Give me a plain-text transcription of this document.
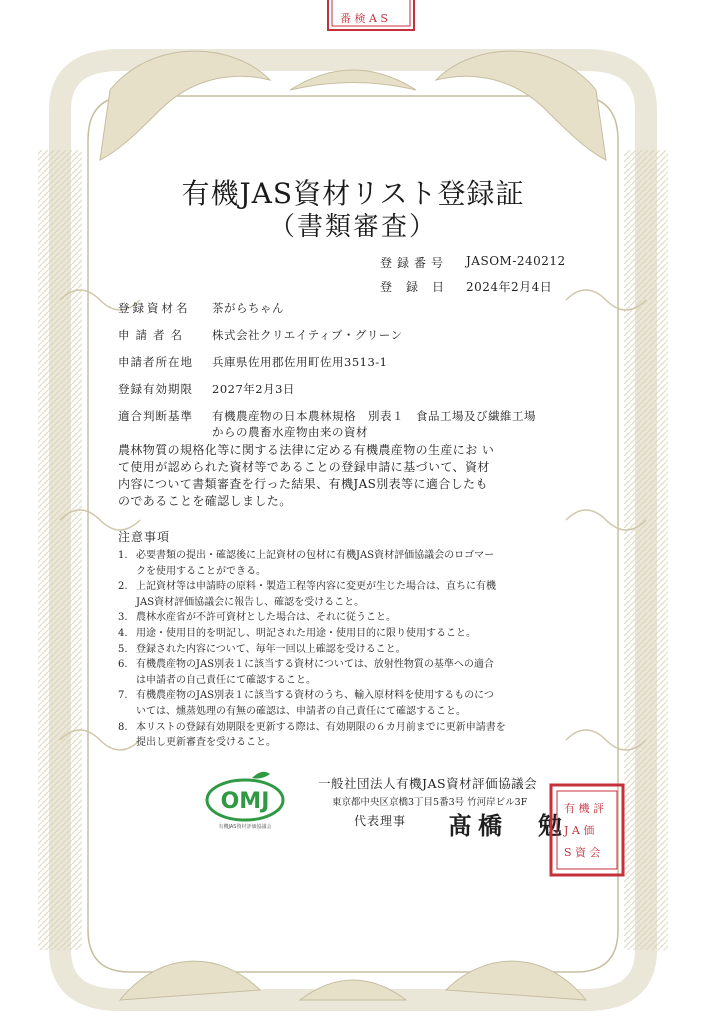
番 検 A S
有機JAS資材リスト登録証
（書類審査）
登録番号 JASOM-240212
登録日 2024年2月4日
登録資材名 茶がらちゃん
申請者名 株式会社クリエイティブ・グリーン
申請者所在地 兵庫県佐用郡佐用町佐用3513-1
登録有効期限 2027年2月3日
適合判断基準 有機農産物の日本農林規格　別表１　食品工場及び繊維工場
からの農畜水産物由来の資材
農林物質の規格化等に関する法律に定める有機農産物の生産にお い
て使用が認められた資材等であることの登録申請に基づいて、資材
内容について書類審査を行った結果、有機JAS別表等に適合したも
のであることを確認しました。
注意事項
1. 必要書類の提出・確認後に上記資材の包材に有機JAS資材評価協議会のロゴマー
クを使用することができる。
2. 上記資材等は申請時の原料・製造工程等内容に変更が生じた場合は、直ちに有機
JAS資材評価協議会に報告し、確認を受けること。
3. 農林水産省が不許可資材とした場合は、それに従うこと。
4. 用途・使用目的を明記し、明記された用途・使用目的に限り使用すること。
5. 登録された内容について、毎年一回以上確認を受けること。
6. 有機農産物のJAS別表１に該当する資材については、放射性物質の基準への適合
は申請者の自己責任にて確認すること。
7. 有機農産物のJAS別表１に該当する資材のうち、輸入原材料を使用するものにつ
いては、燻蒸処理の有無の確認は、申請者の自己責任にて確認すること。
8. 本リストの登録有効期限を更新する際は、有効期限の６カ月前までに更新申請書を
提出し更新審査を受けること。
OMJ
有機JAS資材評価協議会
一般社団法人有機JAS資材評価協議会
東京都中央区京橋3丁目5番3号 竹河岸ビル3F
代表理事 髙橋　勉
有 機 評
J A 価
S 資 会
